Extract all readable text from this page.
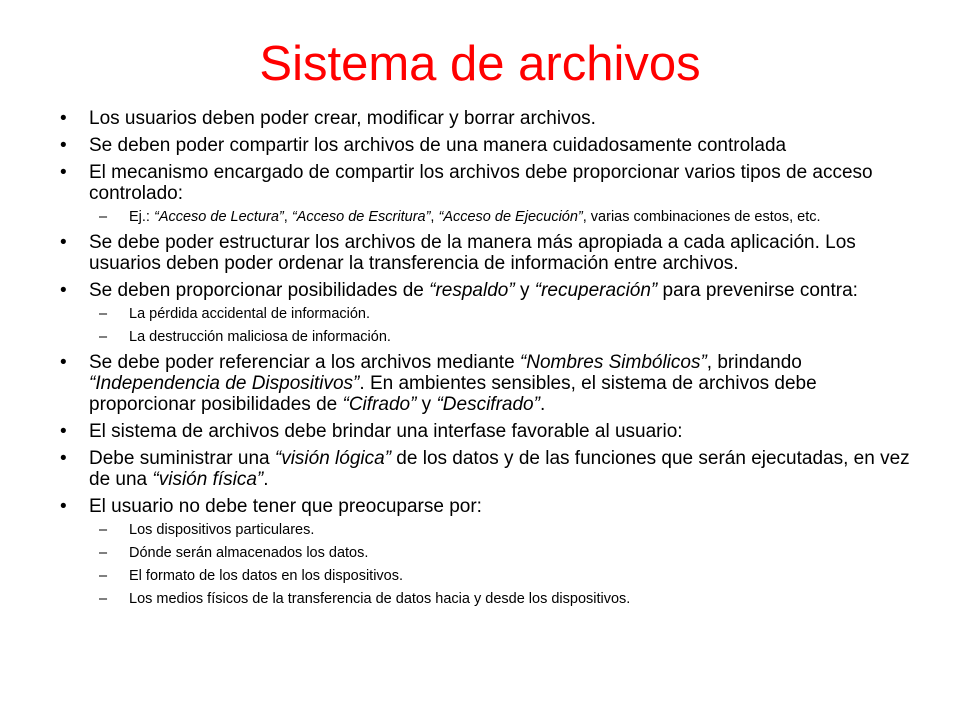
Sistema de archivos
• Los usuarios deben poder crear, modificar y borrar archivos.
• Se deben poder compartir los archivos de una manera cuidadosamente controlada
• El mecanismo encargado de compartir los archivos debe proporcionar varios tipos de acceso controlado:
– Ej.: “Acceso de Lectura”, “Acceso de Escritura”, “Acceso de Ejecución”, varias combinaciones de estos, etc.
• Se debe poder estructurar los archivos de la manera más apropiada a cada aplicación. Los usuarios deben poder ordenar la transferencia de información entre archivos.
• Se deben proporcionar posibilidades de “respaldo” y “recuperación” para prevenirse contra:
– La pérdida accidental de información.
– La destrucción maliciosa de información.
• Se debe poder referenciar a los archivos mediante “Nombres Simbólicos”, brindando “Independencia de Dispositivos”. En ambientes sensibles, el sistema de archivos debe proporcionar posibilidades de “Cifrado” y “Descifrado”.
• El sistema de archivos debe brindar una interfase favorable al usuario:
• Debe suministrar una “visión lógica” de los datos y de las funciones que serán ejecutadas, en vez de una “visión física”.
• El usuario no debe tener que preocuparse por:
– Los dispositivos particulares.
– Dónde serán almacenados los datos.
– El formato de los datos en los dispositivos.
– Los medios físicos de la transferencia de datos hacia y desde los dispositivos.
